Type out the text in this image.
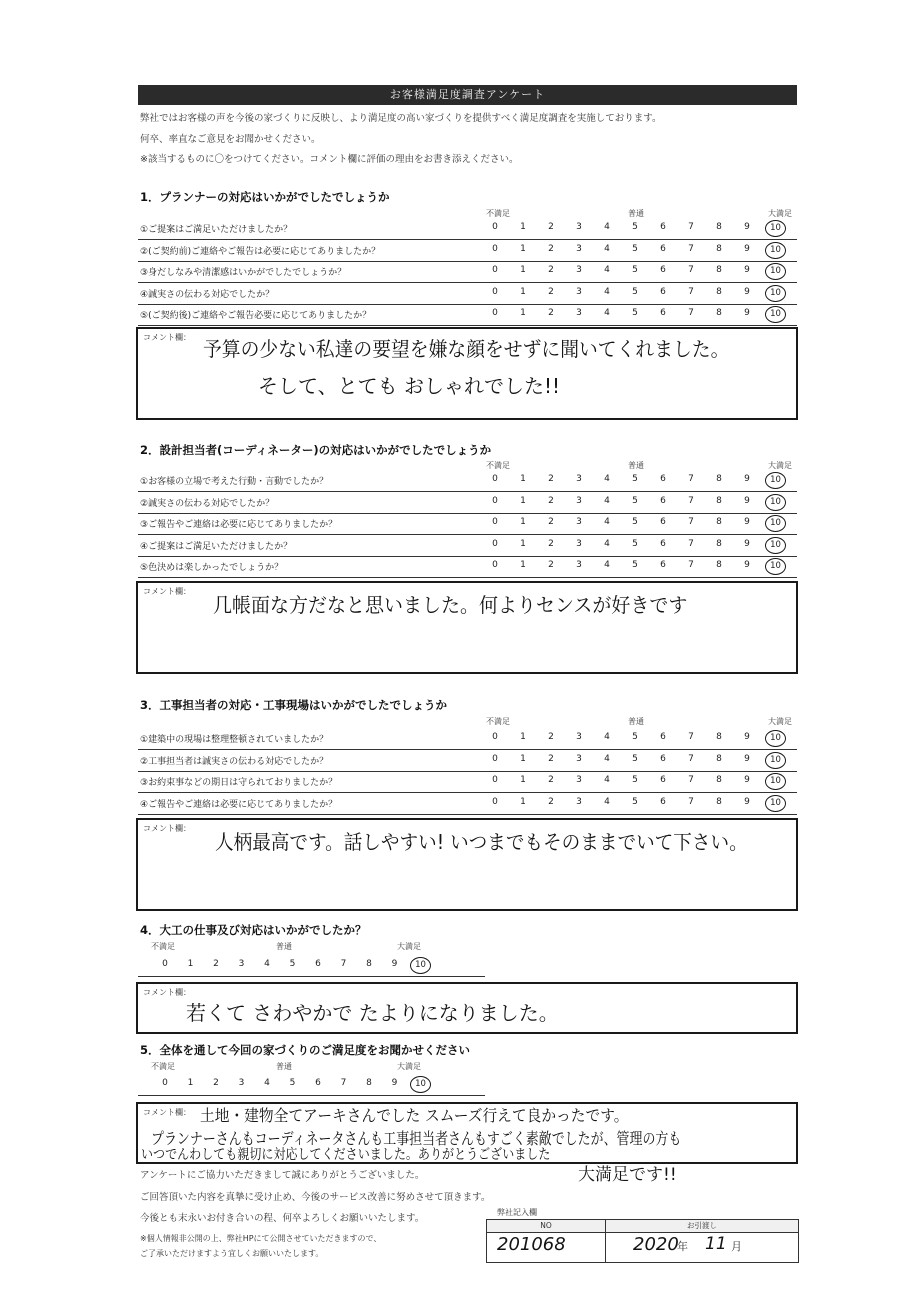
お客様満足度調査アンケート
弊社ではお客様の声を今後の家づくりに反映し、より満足度の高い家づくりを提供すべく満足度調査を実施しております。
何卒、率直なご意見をお聞かせください。
※該当するものに〇をつけてください。コメント欄に評価の理由をお書き添えください。
1．プランナーの対応はいかがでしたでしょうか
不満足	普通	大満足
①ご提案はご満足いただけましたか？	0	1	2	3	4	5	6	7	8	9	10
②(ご契約前)ご連絡やご報告は必要に応じてありましたか？	0	1	2	3	4	5	6	7	8	9	10
③身だしなみや清潔感はいかがでしたでしょうか？	0	1	2	3	4	5	6	7	8	9	10
④誠実さの伝わる対応でしたか？	0	1	2	3	4	5	6	7	8	9	10
⑤(ご契約後)ご連絡やご報告必要に応じてありましたか？	0	1	2	3	4	5	6	7	8	9	10
コメント欄： 予算の少ない私達の要望を嫌な顔をせずに聞いてくれました。
そして、とても おしゃれでした!!
2．設計担当者(コーディネーター)の対応はいかがでしたでしょうか
不満足	普通	大満足
①お客様の立場で考えた行動・言動でしたか？	0	1	2	3	4	5	6	7	8	9	10
②誠実さの伝わる対応でしたか？	0	1	2	3	4	5	6	7	8	9	10
③ご報告やご連絡は必要に応じてありましたか？	0	1	2	3	4	5	6	7	8	9	10
④ご提案はご満足いただけましたか？	0	1	2	3	4	5	6	7	8	9	10
⑤色決めは楽しかったでしょうか？	0	1	2	3	4	5	6	7	8	9	10
コメント欄：
几帳面な方だなと思いました。何よりセンスが好きです
3．工事担当者の対応・工事現場はいかがでしたでしょうか
不満足	普通	大満足
①建築中の現場は整理整頓されていましたか？	0	1	2	3	4	5	6	7	8	9	10
②工事担当者は誠実さの伝わる対応でしたか？	0	1	2	3	4	5	6	7	8	9	10
③お約束事などの期日は守られておりましたか？	0	1	2	3	4	5	6	7	8	9	10
④ご報告やご連絡は必要に応じてありましたか？	0	1	2	3	4	5	6	7	8	9	10
コメント欄：
人柄最高です。話しやすい! いつまでもそのままでいて下さい。
4．大工の仕事及び対応はいかがでしたか？
不満足	普通	大満足
0	1	2	3	4	5	6	7	8	9	10
コメント欄：
若くて さわやかで たよりになりました。
5．全体を通して今回の家づくりのご満足度をお聞かせください
不満足	普通	大満足
0	1	2	3	4	5	6	7	8	9	10
コメント欄： 土地・建物全てアーキさんでした スムーズ行えて良かったです。
プランナーさんもコーディネータさんも工事担当者さんもすごく素敵でしたが、管理の方も
いつでんわしても親切に対応してくださいました。ありがとうございました
大満足です!!
アンケートにご協力いただきまして誠にありがとうございました。
ご回答頂いた内容を真摯に受け止め、今後のサービス改善に努めさせて頂きます。
今後とも末永いお付き合いの程、何卒よろしくお願いいたします。
※個人情報非公開の上、弊社HPにて公開させていただきますので、
ご了承いただけますよう宜しくお願いいたします。
弊社記入欄
NO	お引渡し
201068	2020
年 11 月
